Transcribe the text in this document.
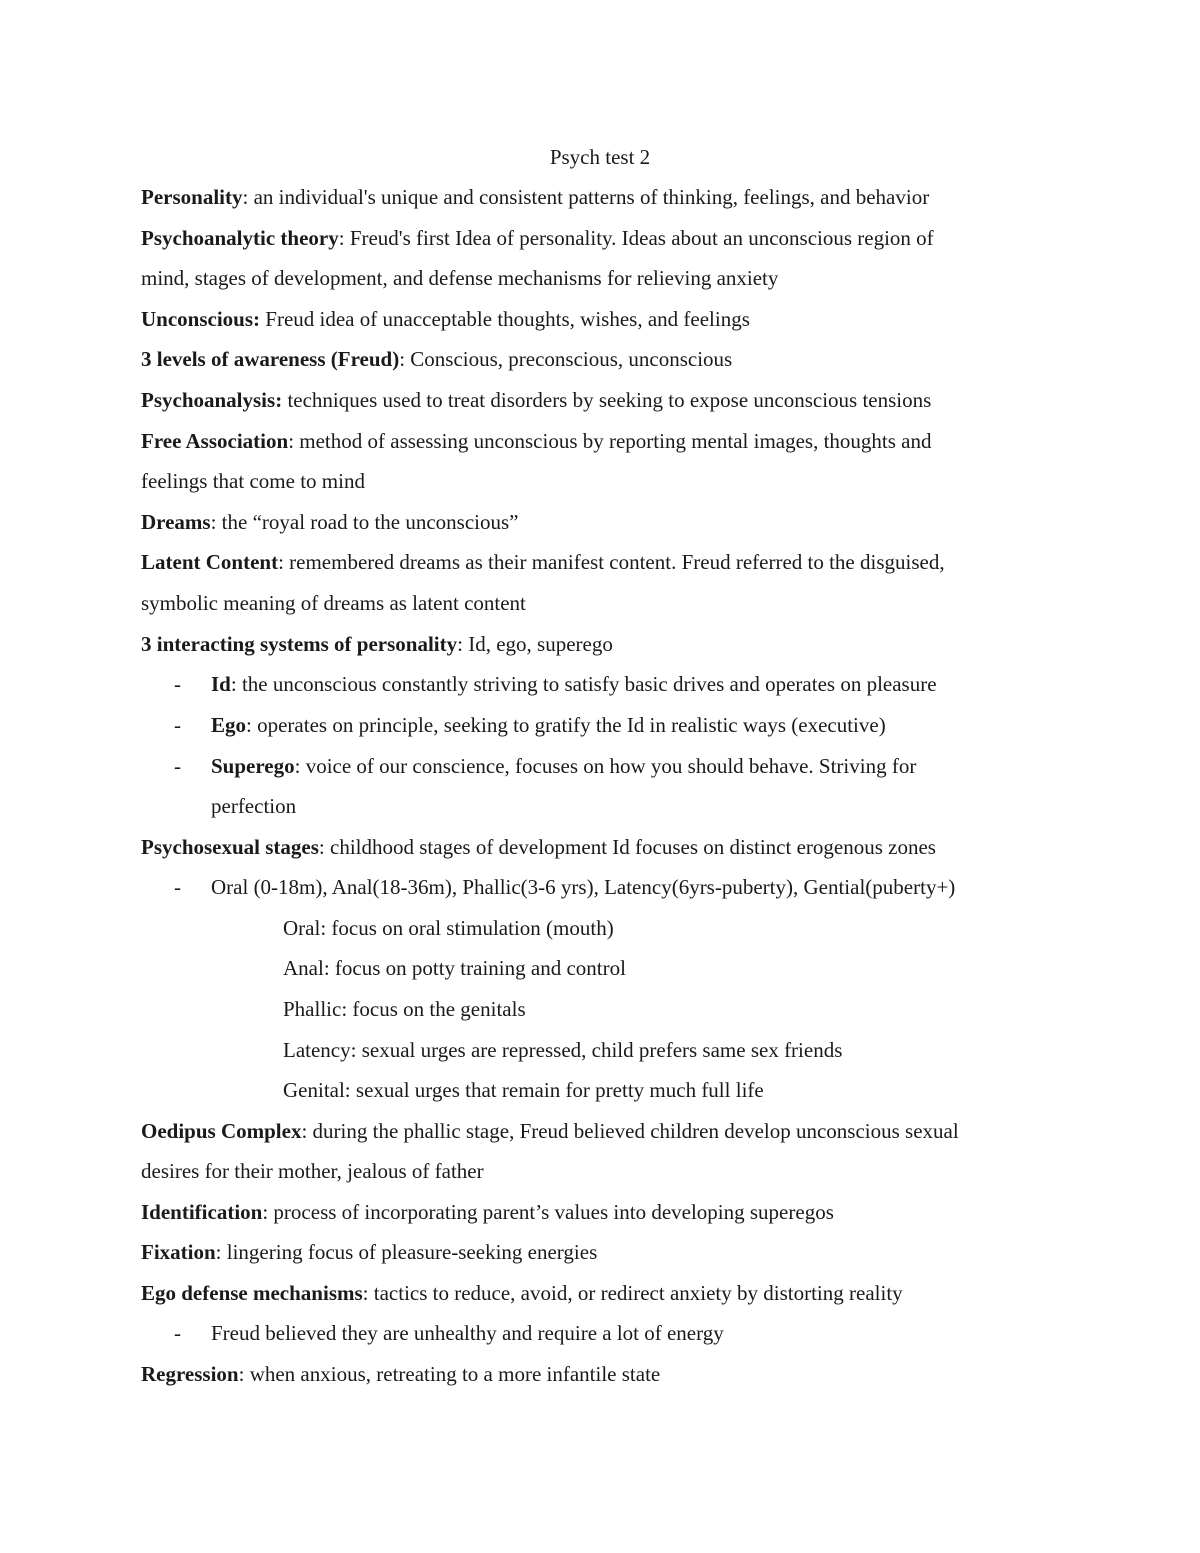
Psych test 2
Personality: an individual's unique and consistent patterns of thinking, feelings, and behavior
Psychoanalytic theory: Freud's first Idea of personality. Ideas about an unconscious region of
mind, stages of development, and defense mechanisms for relieving anxiety
Unconscious: Freud idea of unacceptable thoughts, wishes, and feelings
3 levels of awareness (Freud): Conscious, preconscious, unconscious
Psychoanalysis: techniques used to treat disorders by seeking to expose unconscious tensions
Free Association: method of assessing unconscious by reporting mental images, thoughts and
feelings that come to mind
Dreams: the “royal road to the unconscious”
Latent Content: remembered dreams as their manifest content. Freud referred to the disguised,
symbolic meaning of dreams as latent content
3 interacting systems of personality: Id, ego, superego
-	Id: the unconscious constantly striving to satisfy basic drives and operates on pleasure
-	Ego: operates on principle, seeking to gratify the Id in realistic ways (executive)
-	Superego: voice of our conscience, focuses on how you should behave. Striving for
perfection
Psychosexual stages: childhood stages of development Id focuses on distinct erogenous zones
-	Oral (0-18m), Anal(18-36m), Phallic(3-6 yrs), Latency(6yrs-puberty), Gential(puberty+)
Oral: focus on oral stimulation (mouth)
Anal: focus on potty training and control
Phallic: focus on the genitals
Latency: sexual urges are repressed, child prefers same sex friends
Genital: sexual urges that remain for pretty much full life
Oedipus Complex: during the phallic stage, Freud believed children develop unconscious sexual
desires for their mother, jealous of father
Identification: process of incorporating parent’s values into developing superegos
Fixation: lingering focus of pleasure-seeking energies
Ego defense mechanisms: tactics to reduce, avoid, or redirect anxiety by distorting reality
-	Freud believed they are unhealthy and require a lot of energy
Regression: when anxious, retreating to a more infantile state
